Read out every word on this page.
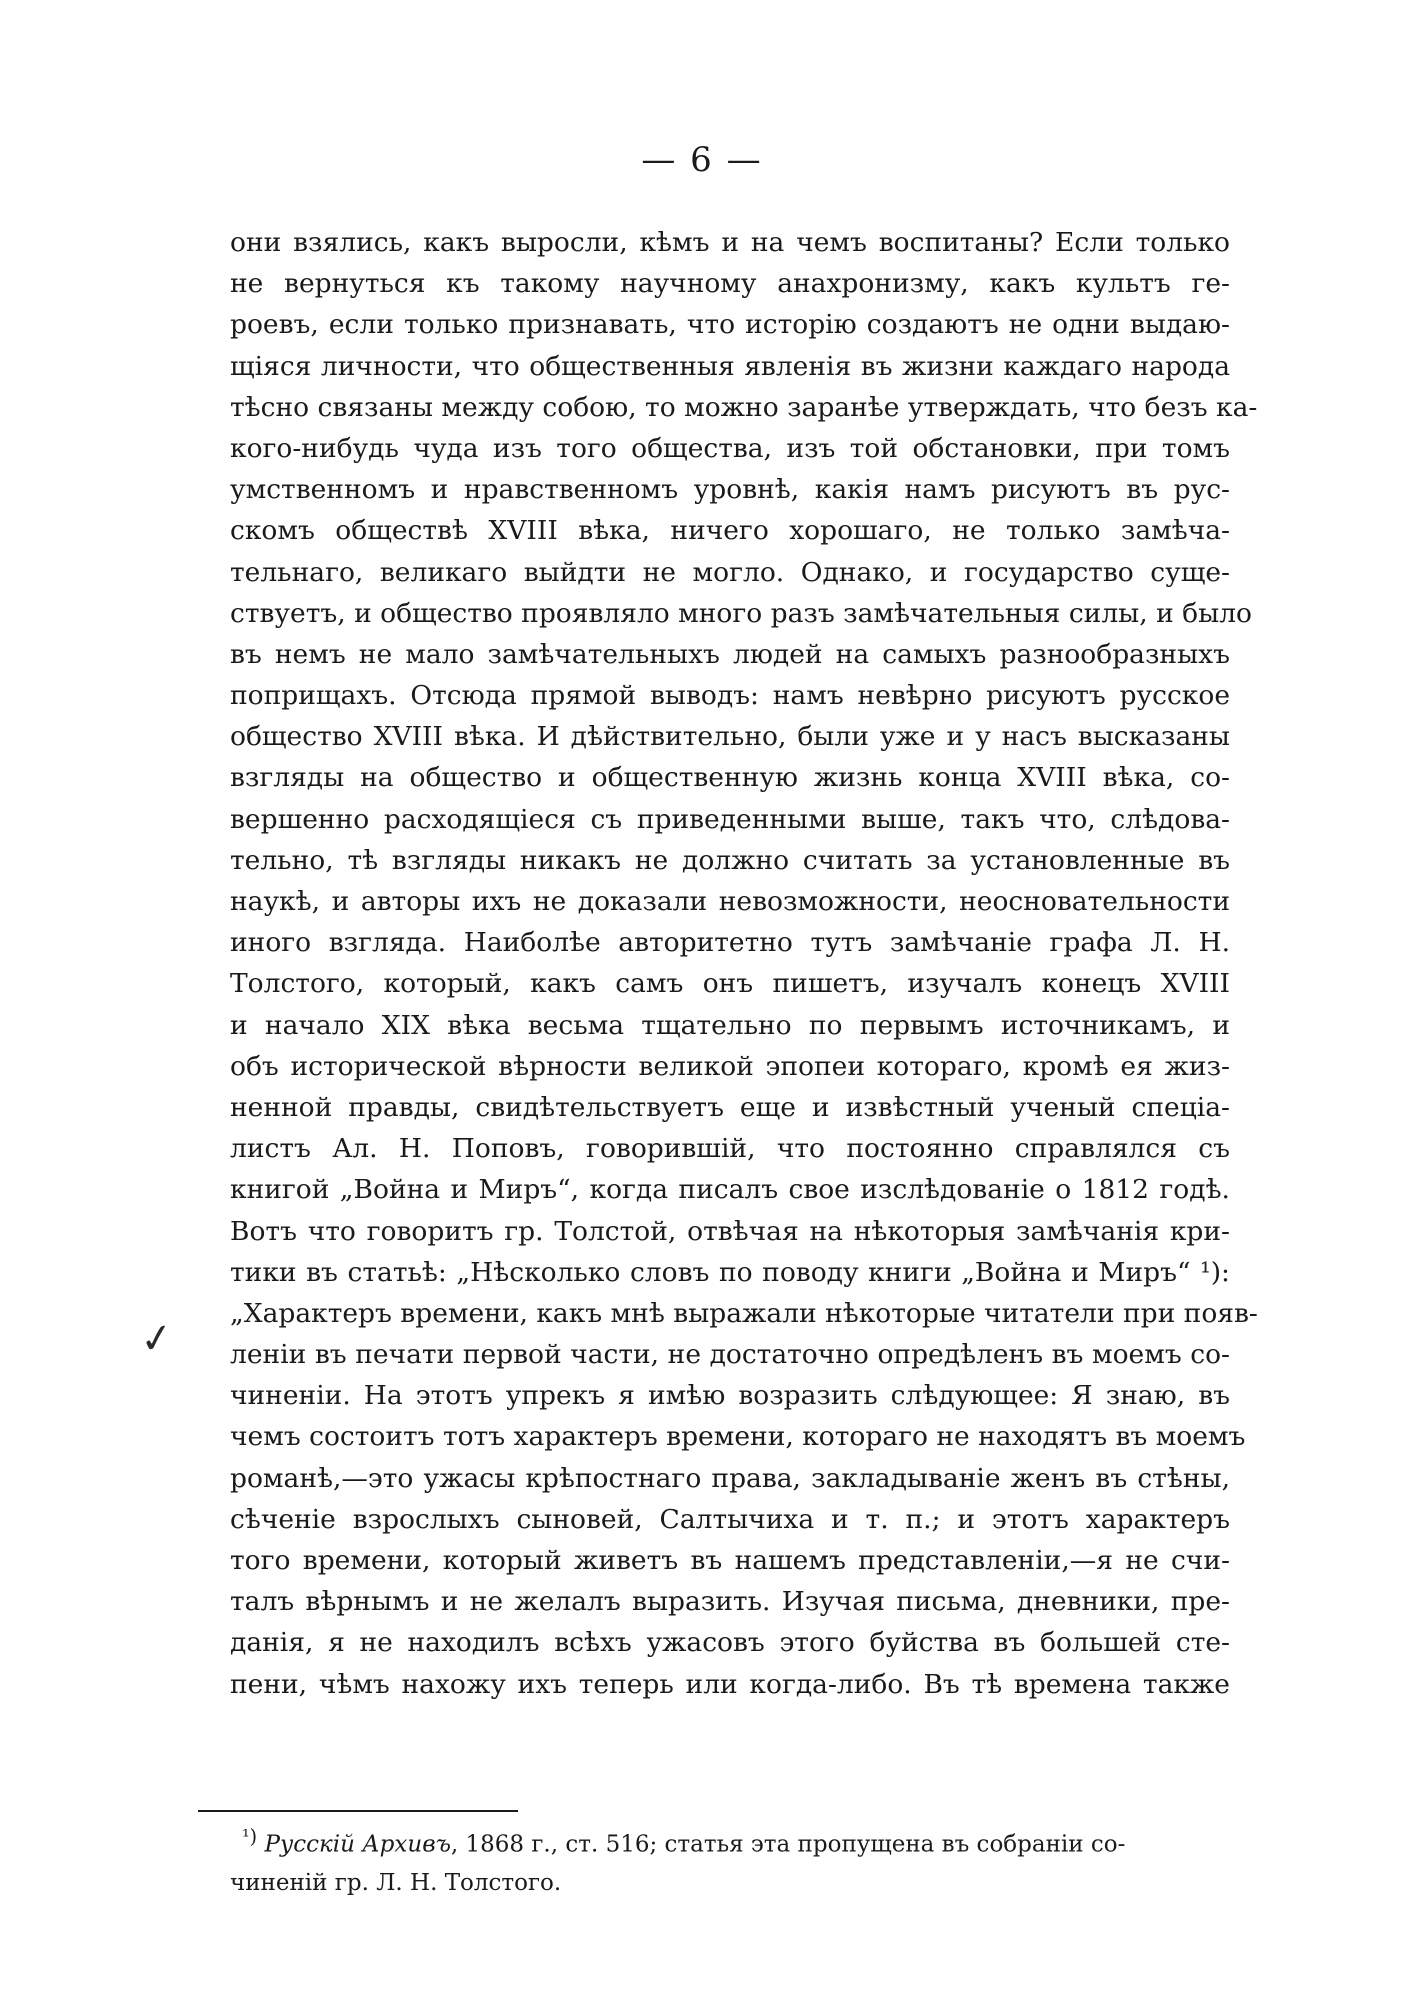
— 6 —
✓
они взялись, какъ выросли, кѣмъ и на чемъ воспитаны? Если только
не вернуться къ такому научному анахронизму, какъ культъ ге-
роевъ, если только признавать, что исторію создаютъ не одни выдаю-
щіяся личности, что общественныя явленія въ жизни каждаго народа
тѣсно связаны между собою, то можно заранѣе утверждать, что безъ ка-
кого-нибудь чуда изъ того общества, изъ той обстановки, при томъ
умственномъ и нравственномъ уровнѣ, какія намъ рисуютъ въ рус-
скомъ обществѣ XVIII вѣка, ничего хорошаго, не только замѣча-
тельнаго, великаго выйдти не могло. Однако, и государство суще-
ствуетъ, и общество проявляло много разъ замѣчательныя силы, и было
въ немъ не мало замѣчательныхъ людей на самыхъ разнообразныхъ
поприщахъ. Отсюда прямой выводъ: намъ невѣрно рисуютъ русское
общество XVIII вѣка. И дѣйствительно, были уже и у насъ высказаны
взгляды на общество и общественную жизнь конца XVIII вѣка, со-
вершенно расходящіеся съ приведенными выше, такъ что, слѣдова-
тельно, тѣ взгляды никакъ не должно считать за установленные въ
наукѣ, и авторы ихъ не доказали невозможности, неосновательности
иного взгляда. Наиболѣе авторитетно тутъ замѣчаніе графа Л. Н.
Толстого, который, какъ самъ онъ пишетъ, изучалъ конецъ XVIII
и начало XIX вѣка весьма тщательно по первымъ источникамъ, и
объ исторической вѣрности великой эпопеи котораго, кромѣ ея жиз-
ненной правды, свидѣтельствуетъ еще и извѣстный ученый спеціа-
листъ Ал. Н. Поповъ, говорившій, что постоянно справлялся съ
книгой „Война и Миръ“, когда писалъ свое изслѣдованіе о 1812 годѣ.
Вотъ что говоритъ гр. Толстой, отвѣчая на нѣкоторыя замѣчанія кри-
тики въ статьѣ: „Нѣсколько словъ по поводу книги „Война и Миръ“ ¹):
„Характеръ времени, какъ мнѣ выражали нѣкоторые читатели при появ-
леніи въ печати первой части, не достаточно опредѣленъ въ моемъ со-
чиненіи. На этотъ упрекъ я имѣю возразить слѣдующее: Я знаю, въ
чемъ состоитъ тотъ характеръ времени, котораго не находятъ въ моемъ
романѣ,—это ужасы крѣпостнаго права, закладываніе женъ въ стѣны,
сѣченіе взрослыхъ сыновей, Салтычиха и т. п.; и этотъ характеръ
того времени, который живетъ въ нашемъ представленіи,—я не счи-
талъ вѣрнымъ и не желалъ выразить. Изучая письма, дневники, пре-
данія, я не находилъ всѣхъ ужасовъ этого буйства въ большей сте-
пени, чѣмъ нахожу ихъ теперь или когда-либо. Въ тѣ времена также
$^{^1)}$ Русскій Архивъ, 1868 г., ст. 516; статья эта пропущена въ собраніи со-
чиненій гр. Л. Н. Толстого.
